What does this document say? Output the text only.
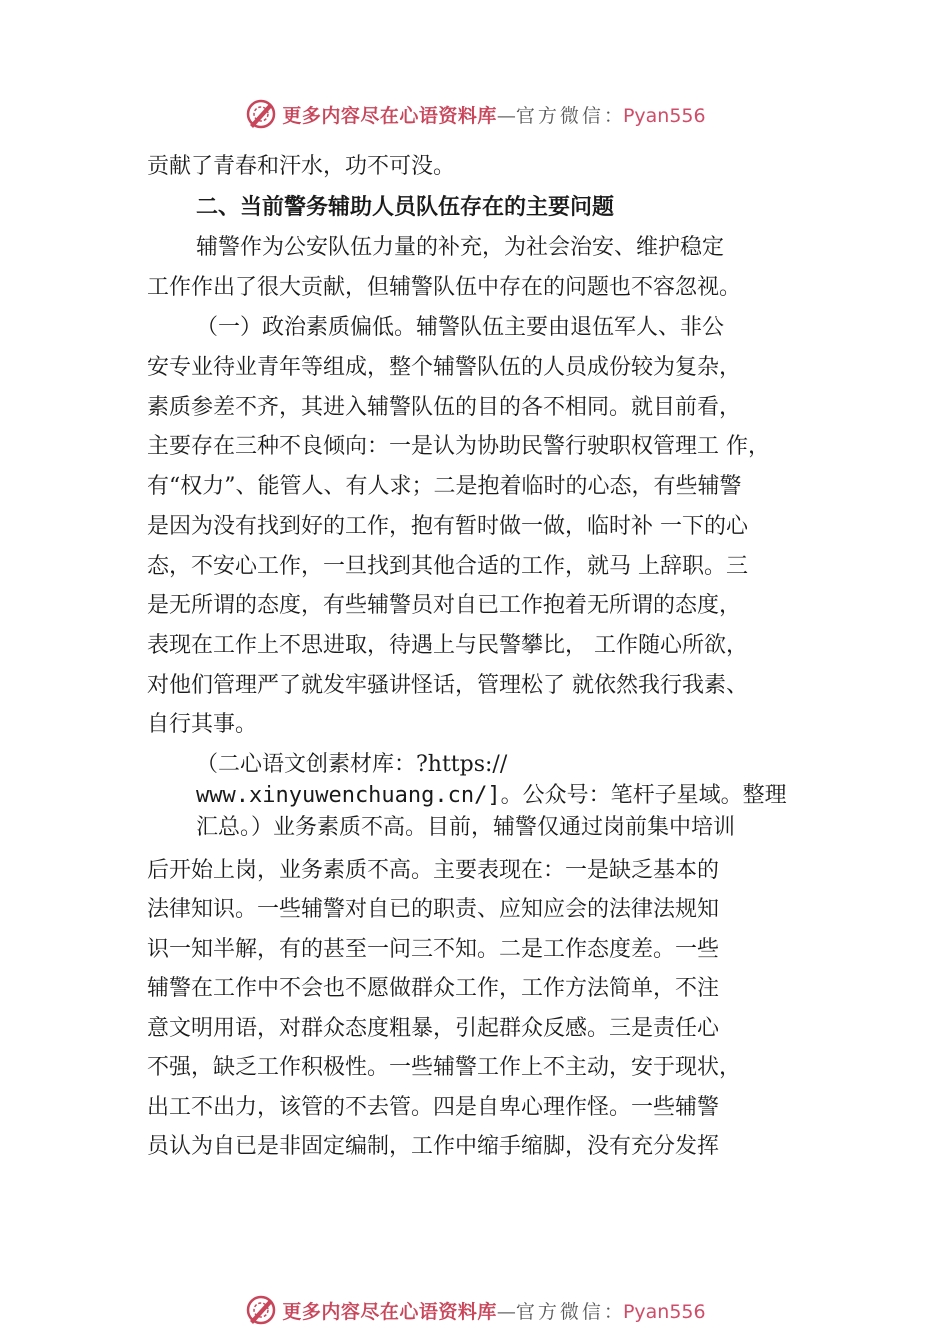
更多内容尽在心语资料库—官方微信：Pyan556
贡献了青春和汗水，功不可没。
二、当前警务辅助人员队伍存在的主要问题
辅警作为公安队伍力量的补充，为社会治安、维护稳定
工作作出了很大贡献，但辅警队伍中存在的问题也不容忽视。
（一）政治素质偏低。辅警队伍主要由退伍军人、非公
安专业待业青年等组成，整个辅警队伍的人员成份较为复杂，
素质参差不齐，其进入辅警队伍的目的各不相同。就目前看，
主要存在三种不良倾向：一是认为协助民警行驶职权管理工 作，
有“权力”、能管人、有人求；二是抱着临时的心态，有些辅警
是因为没有找到好的工作，抱有暂时做一做，临时补 一下的心
态，不安心工作，一旦找到其他合适的工作，就马 上辞职。三
是无所谓的态度，有些辅警员对自已工作抱着无所谓的态度，
表现在工作上不思进取，待遇上与民警攀比， 工作随心所欲，
对他们管理严了就发牢骚讲怪话，管理松了 就依然我行我素、
自行其事。
（二心语文创素材库：?https://
www.xinyuwenchuang.cn/]。公众号：笔杆子星域。整理
汇总。）业务素质不高。目前，辅警仅通过岗前集中培训
后开始上岗，业务素质不高。主要表现在：一是缺乏基本的
法律知识。一些辅警对自已的职责、应知应会的法律法规知
识一知半解，有的甚至一问三不知。二是工作态度差。一些
辅警在工作中不会也不愿做群众工作，工作方法简单，不注
意文明用语，对群众态度粗暴，引起群众反感。三是责任心
不强，缺乏工作积极性。一些辅警工作上不主动，安于现状，
出工不出力，该管的不去管。四是自卑心理作怪。一些辅警
员认为自已是非固定编制，工作中缩手缩脚，没有充分发挥
更多内容尽在心语资料库—官方微信：Pyan556
